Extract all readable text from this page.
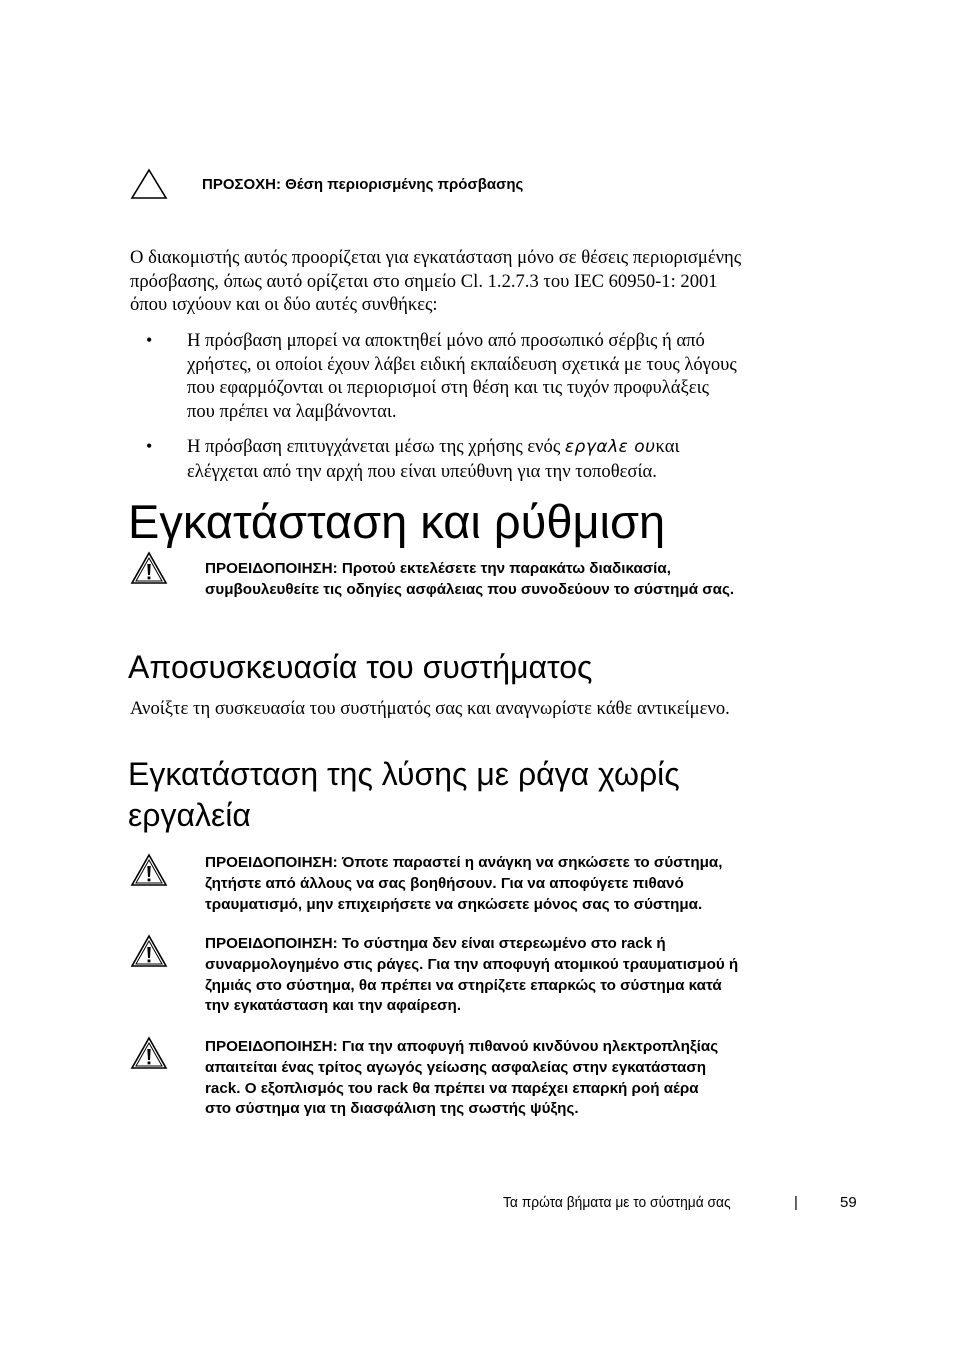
ΠΡΟΣΟΧΗ: Θέση περιορισμένης πρόσβασης
Ο διακομιστής αυτός προορίζεται για εγκατάσταση μόνο σε θέσεις περιορισμένης
πρόσβασης, όπως αυτό ορίζεται στο σημείο Cl. 1.2.7.3 του IEC 60950-1: 2001
όπου ισχύουν και οι δύο αυτές συνθήκες:
• Η πρόσβαση μπορεί να αποκτηθεί μόνο από προσωπικό σέρβις ή από
χρήστες, οι οποίοι έχουν λάβει ειδική εκπαίδευση σχετικά με τους λόγους
που εφαρμόζονται οι περιορισμοί στη θέση και τις τυχόν προφυλάξεις
που πρέπει να λαμβάνονται.
• Η πρόσβαση επιτυγχάνεται μέσω της χρήσης ενός εργαλε ουκαι
ελέγχεται από την αρχή που είναι υπεύθυνη για την τοποθεσία.
Εγκατάσταση και ρύθμιση
ΠΡΟΕΙΔΟΠΟΙΗΣΗ: Προτού εκτελέσετε την παρακάτω διαδικασία,
συμβουλευθείτε τις οδηγίες ασφάλειας που συνοδεύουν το σύστημά σας.
Αποσυσκευασία του συστήματος
Ανοίξτε τη συσκευασία του συστήματός σας και αναγνωρίστε κάθε αντικείμενο.
Εγκατάσταση της λύσης με ράγα χωρίς
εργαλεία
ΠΡΟΕΙΔΟΠΟΙΗΣΗ: Όποτε παραστεί η ανάγκη να σηκώσετε το σύστημα,
ζητήστε από άλλους να σας βοηθήσουν. Για να αποφύγετε πιθανό
τραυματισμό, μην επιχειρήσετε να σηκώσετε μόνος σας το σύστημα.
ΠΡΟΕΙΔΟΠΟΙΗΣΗ: Το σύστημα δεν είναι στερεωμένο στο rack ή
συναρμολογημένο στις ράγες. Για την αποφυγή ατομικού τραυματισμού ή
ζημιάς στο σύστημα, θα πρέπει να στηρίζετε επαρκώς το σύστημα κατά
την εγκατάσταση και την αφαίρεση.
ΠΡΟΕΙΔΟΠΟΙΗΣΗ: Για την αποφυγή πιθανού κινδύνου ηλεκτροπληξίας
απαιτείται ένας τρίτος αγωγός γείωσης ασφαλείας στην εγκατάσταση
rack. Ο εξοπλισμός του rack θα πρέπει να παρέχει επαρκή ροή αέρα
στο σύστημα για τη διασφάλιση της σωστής ψύξης.
Τα πρώτα βήματα με το σύστημά σας	|	59
